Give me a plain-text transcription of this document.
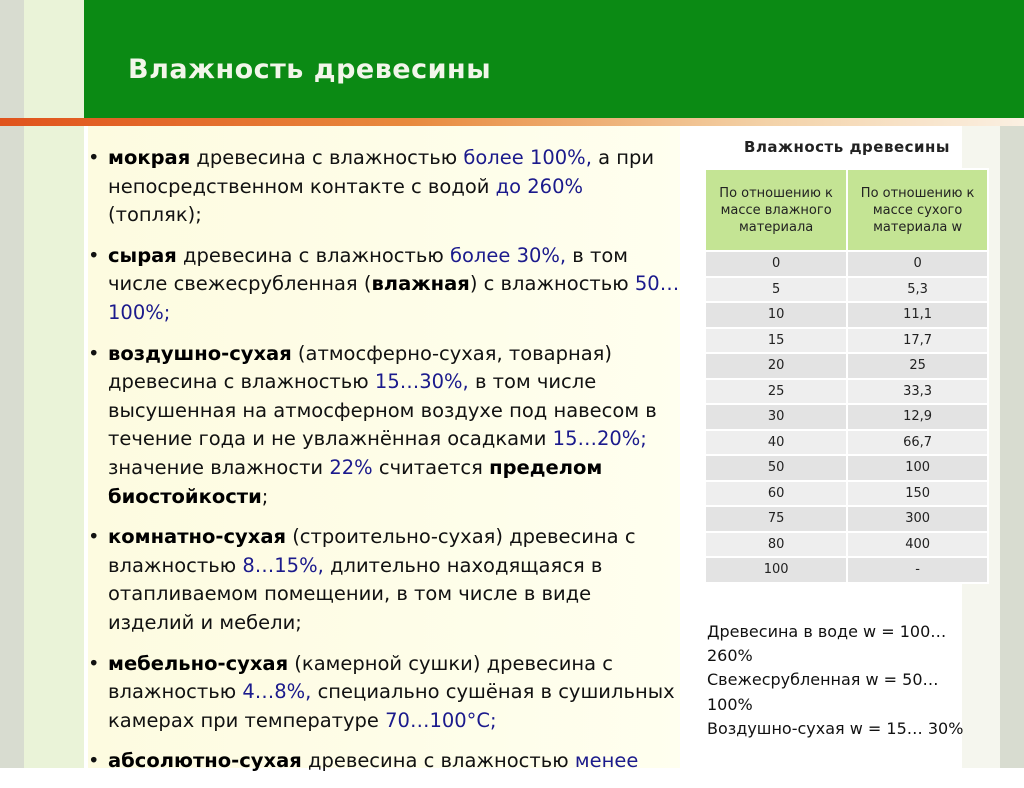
Влажность древесины
• мокрая древесина с влажностью более 100%, а при непосредственном контакте с водой до 260% (топляк);
• сырая древесина с влажностью более 30%, в том числе свежесрубленная (влажная) с влажностью 50…100%;
• воздушно-сухая (атмосферно-сухая, товарная) древесина с влажностью 15…30%, в том числе высушенная на атмосферном воздухе под навесом в течение года и не увлажнённая осадками 15…20%; значение влажности 22% считается пределом биостойкости;
• комнатно-сухая (строительно-сухая) древесина с влажностью 8…15%, длительно находящаяся в отапливаемом помещении, в том числе в виде изделий и мебели;
• мебельно-сухая (камерной сушки) древесина с влажностью 4…8%, специально сушёная в сушильных камерах при температуре 70…100°C;
• абсолютно-сухая древесина с влажностью менее
Влажность древесины
По отношению к массе влажного материала	По отношению к массе сухого материала w
0	0
5	5,3
10	11,1
15	17,7
20	25
25	33,3
30	12,9
40	66,7
50	100
60	150
75	300
80	400
100	-
Древесина в воде w = 100… 260%
Свежесрубленная w = 50… 100%
Воздушно-сухая w = 15… 30%
